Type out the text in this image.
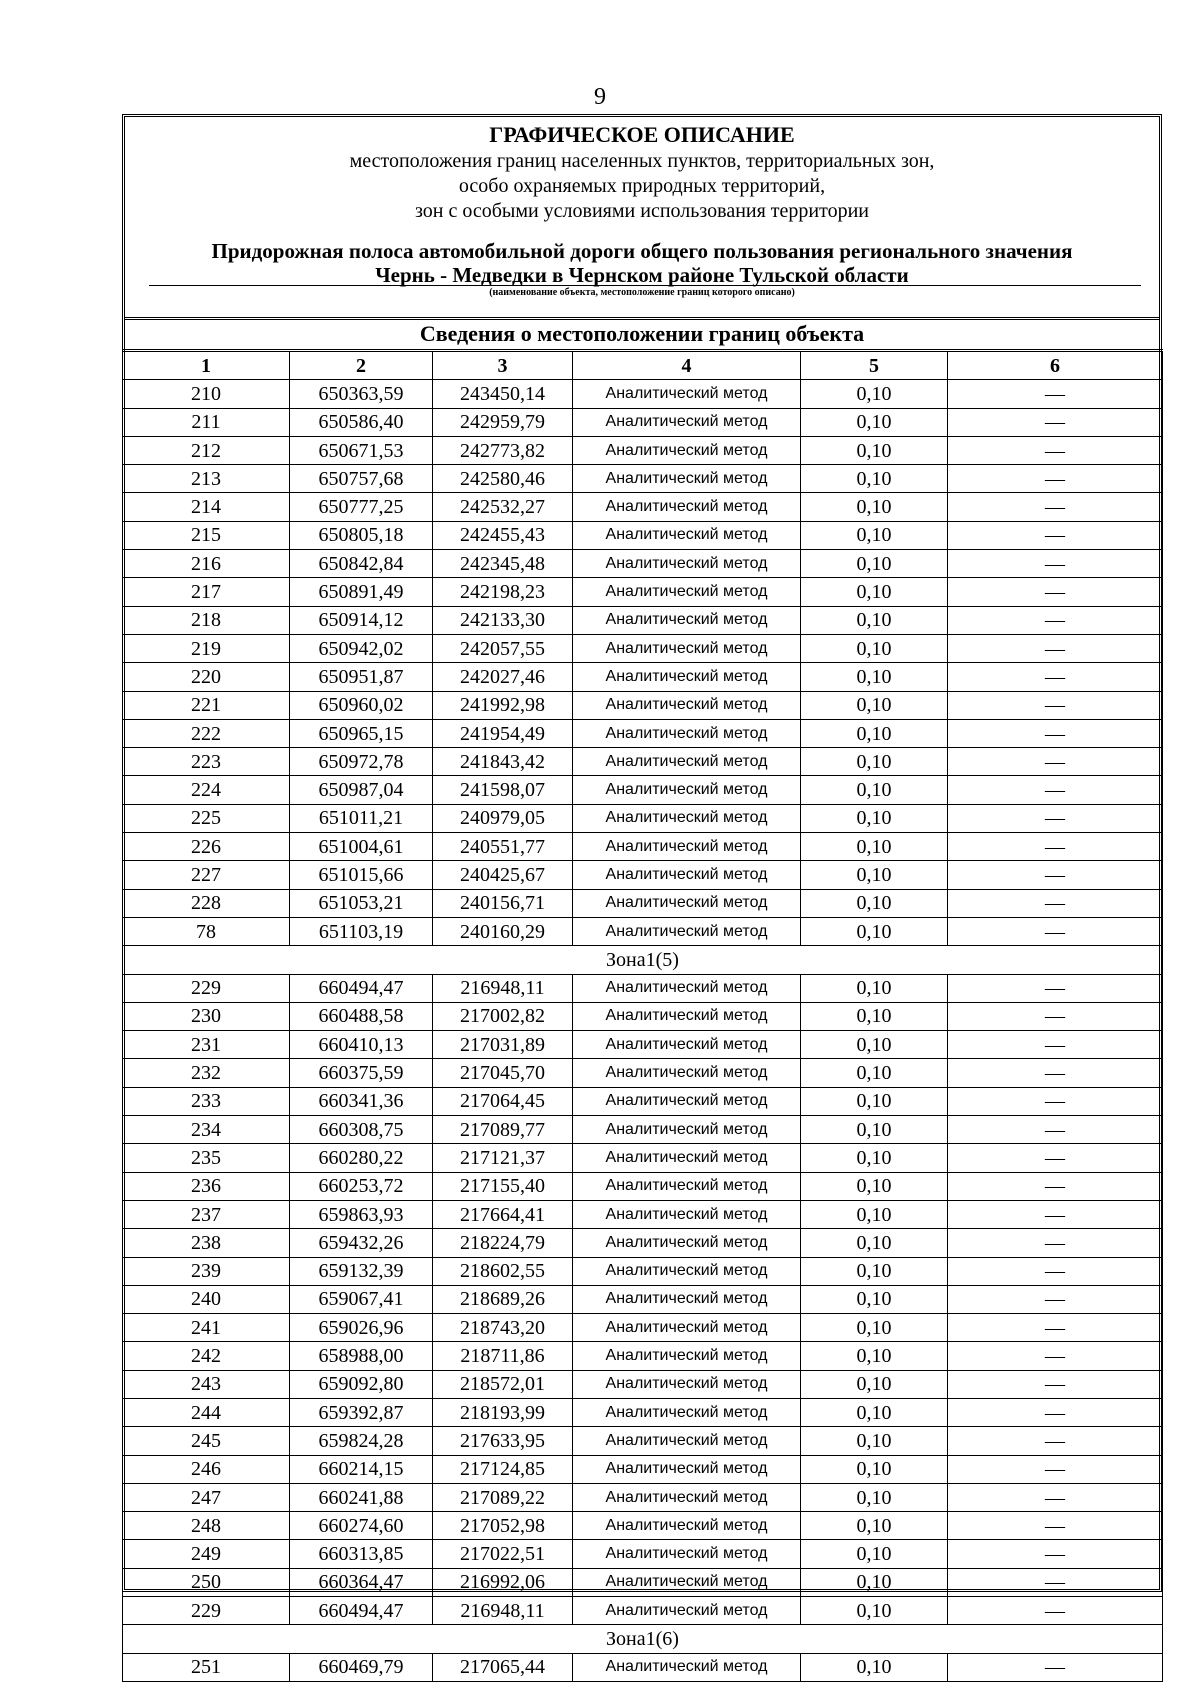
9
ГРАФИЧЕСКОЕ ОПИСАНИЕ
местоположения границ населенных пунктов, территориальных зон,
особо охраняемых природных территорий,
зон с особыми условиями использования территории
Придорожная полоса автомобильной дороги общего пользования регионального значения
Чернь - Медведки в Чернском районе Тульской области
(наименование объекта, местоположение границ которого описано)
Сведения о местоположении границ объекта
1	2	3	4	5	6
210	650363,59	243450,14	Аналитический метод	0,10	—
211	650586,40	242959,79	Аналитический метод	0,10	—
212	650671,53	242773,82	Аналитический метод	0,10	—
213	650757,68	242580,46	Аналитический метод	0,10	—
214	650777,25	242532,27	Аналитический метод	0,10	—
215	650805,18	242455,43	Аналитический метод	0,10	—
216	650842,84	242345,48	Аналитический метод	0,10	—
217	650891,49	242198,23	Аналитический метод	0,10	—
218	650914,12	242133,30	Аналитический метод	0,10	—
219	650942,02	242057,55	Аналитический метод	0,10	—
220	650951,87	242027,46	Аналитический метод	0,10	—
221	650960,02	241992,98	Аналитический метод	0,10	—
222	650965,15	241954,49	Аналитический метод	0,10	—
223	650972,78	241843,42	Аналитический метод	0,10	—
224	650987,04	241598,07	Аналитический метод	0,10	—
225	651011,21	240979,05	Аналитический метод	0,10	—
226	651004,61	240551,77	Аналитический метод	0,10	—
227	651015,66	240425,67	Аналитический метод	0,10	—
228	651053,21	240156,71	Аналитический метод	0,10	—
78	651103,19	240160,29	Аналитический метод	0,10	—
Зона1(5)					
229	660494,47	216948,11	Аналитический метод	0,10	—
230	660488,58	217002,82	Аналитический метод	0,10	—
231	660410,13	217031,89	Аналитический метод	0,10	—
232	660375,59	217045,70	Аналитический метод	0,10	—
233	660341,36	217064,45	Аналитический метод	0,10	—
234	660308,75	217089,77	Аналитический метод	0,10	—
235	660280,22	217121,37	Аналитический метод	0,10	—
236	660253,72	217155,40	Аналитический метод	0,10	—
237	659863,93	217664,41	Аналитический метод	0,10	—
238	659432,26	218224,79	Аналитический метод	0,10	—
239	659132,39	218602,55	Аналитический метод	0,10	—
240	659067,41	218689,26	Аналитический метод	0,10	—
241	659026,96	218743,20	Аналитический метод	0,10	—
242	658988,00	218711,86	Аналитический метод	0,10	—
243	659092,80	218572,01	Аналитический метод	0,10	—
244	659392,87	218193,99	Аналитический метод	0,10	—
245	659824,28	217633,95	Аналитический метод	0,10	—
246	660214,15	217124,85	Аналитический метод	0,10	—
247	660241,88	217089,22	Аналитический метод	0,10	—
248	660274,60	217052,98	Аналитический метод	0,10	—
249	660313,85	217022,51	Аналитический метод	0,10	—
250	660364,47	216992,06	Аналитический метод	0,10	—
229	660494,47	216948,11	Аналитический метод	0,10	—
Зона1(6)					
251	660469,79	217065,44	Аналитический метод	0,10	—
